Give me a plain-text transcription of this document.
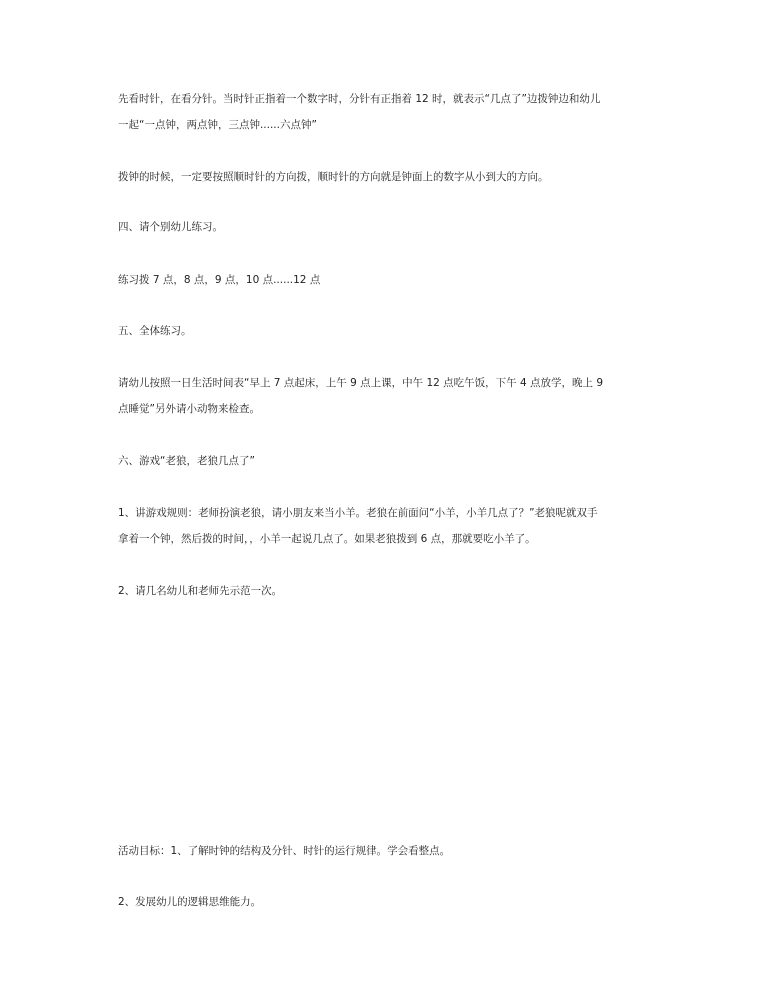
先看时针，在看分针。当时针正指着一个数字时，分针有正指着 12 时，就表示“几点了”边拨钟边和幼儿
一起“一点钟，两点钟，三点钟......六点钟”

拨钟的时候，一定要按照顺时针的方向拨，顺时针的方向就是钟面上的数字从小到大的方向。

四、请个别幼儿练习。

练习拨 7 点，8 点，9 点，10 点......12 点

五、全体练习。

请幼儿按照一日生活时间表“早上 7 点起床，上午 9 点上课，中午 12 点吃午饭，下午 4 点放学，晚上 9
点睡觉”另外请小动物来检查。

六、游戏“老狼，老狼几点了”

1、讲游戏规则：老师扮演老狼，请小朋友来当小羊。老狼在前面问“小羊，小羊几点了？”老狼呢就双手
拿着一个钟，然后拨的时间，，小羊一起说几点了。如果老狼拨到 6 点，那就要吃小羊了。

2、请几名幼儿和老师先示范一次。

活动目标：1、了解时钟的结构及分针、时针的运行规律。学会看整点。

2、发展幼儿的逻辑思维能力。
